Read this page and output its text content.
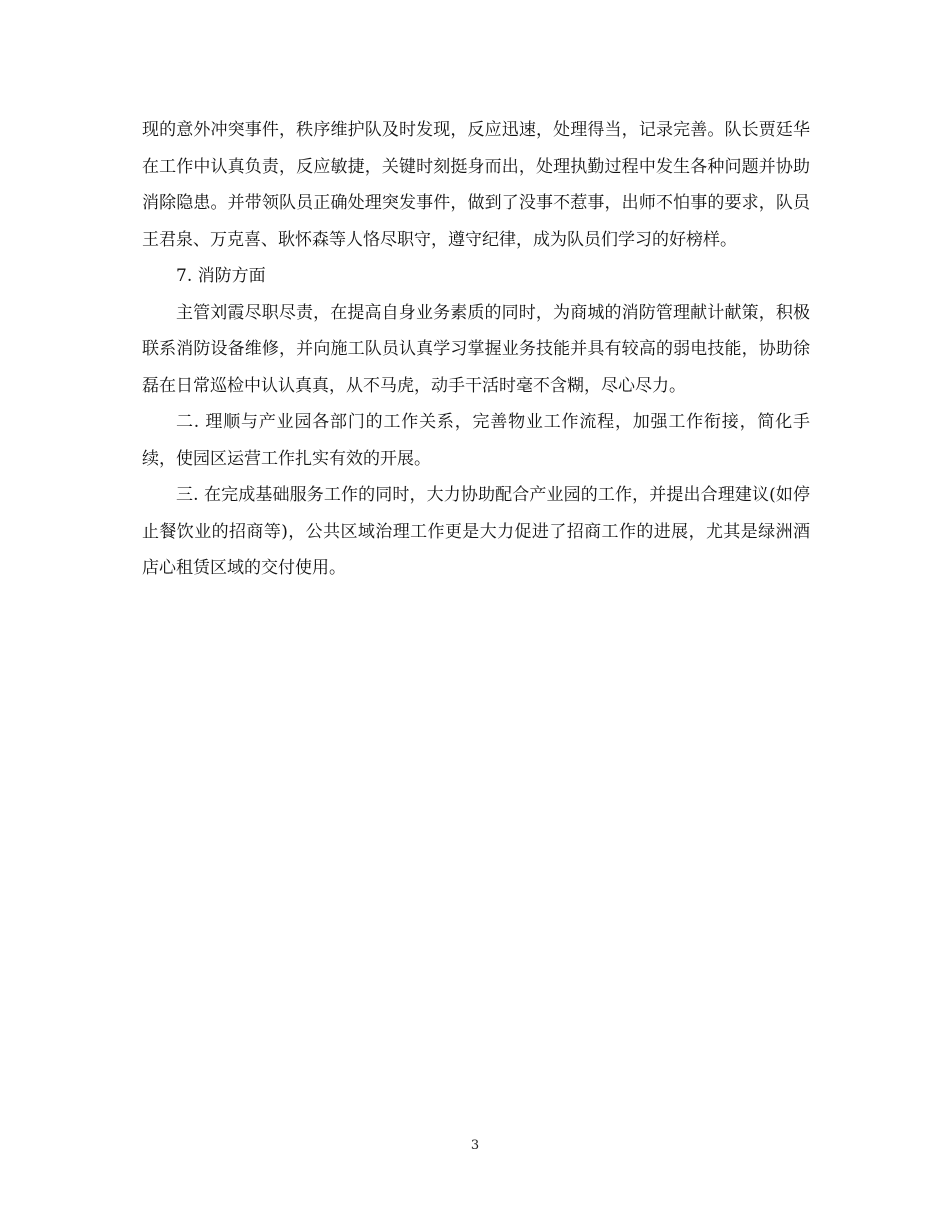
现的意外冲突事件，秩序维护队及时发现，反应迅速，处理得当，记录完善。队长贾廷华在工作中认真负责，反应敏捷，关键时刻挺身而出，处理执勤过程中发生各种问题并协助消除隐患。并带领队员正确处理突发事件，做到了没事不惹事，出师不怕事的要求，队员王君泉、万克喜、耿怀森等人恪尽职守，遵守纪律，成为队员们学习的好榜样。

7. 消防方面

主管刘霞尽职尽责，在提高自身业务素质的同时，为商城的消防管理献计献策，积极联系消防设备维修，并向施工队员认真学习掌握业务技能并具有较高的弱电技能，协助徐磊在日常巡检中认认真真，从不马虎，动手干活时毫不含糊，尽心尽力。

二. 理顺与产业园各部门的工作关系，完善物业工作流程，加强工作衔接，简化手续，使园区运营工作扎实有效的开展。

三. 在完成基础服务工作的同时，大力协助配合产业园的工作，并提出合理建议(如停止餐饮业的招商等)，公共区域治理工作更是大力促进了招商工作的进展，尤其是绿洲酒店心租赁区域的交付使用。

3
